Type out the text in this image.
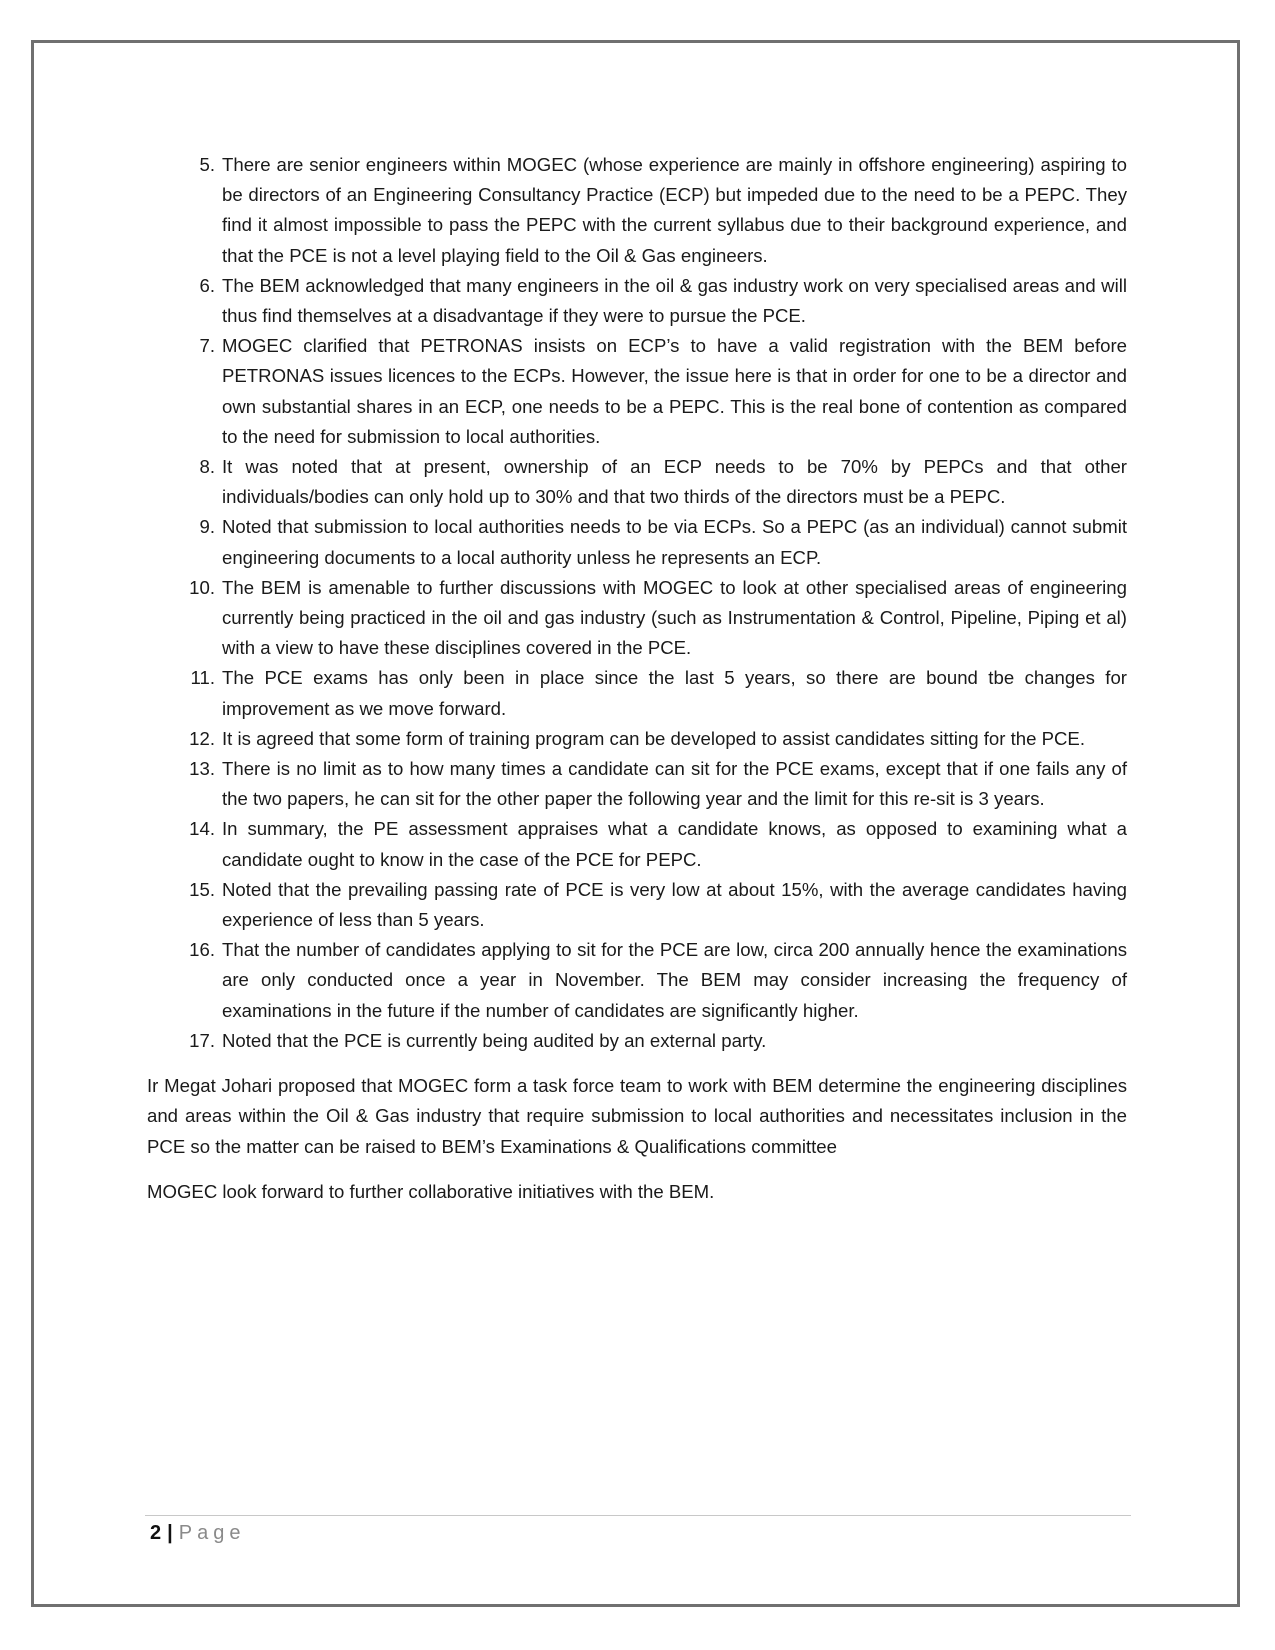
5. There are senior engineers within MOGEC (whose experience are mainly in offshore engineering) aspiring to be directors of an Engineering Consultancy Practice (ECP) but impeded due to the need to be a PEPC. They find it almost impossible to pass the PEPC with the current syllabus due to their background experience, and that the PCE is not a level playing field to the Oil & Gas engineers.
6. The BEM acknowledged that many engineers in the oil & gas industry work on very specialised areas and will thus find themselves at a disadvantage if they were to pursue the PCE.
7. MOGEC clarified that PETRONAS insists on ECP’s to have a valid registration with the BEM before PETRONAS issues licences to the ECPs. However, the issue here is that in order for one to be a director and own substantial shares in an ECP, one needs to be a PEPC. This is the real bone of contention as compared to the need for submission to local authorities.
8. It was noted that at present, ownership of an ECP needs to be 70% by PEPCs and that other individuals/bodies can only hold up to 30% and that two thirds of the directors must be a PEPC.
9. Noted that submission to local authorities needs to be via ECPs. So a PEPC (as an individual) cannot submit engineering documents to a local authority unless he represents an ECP.
10. The BEM is amenable to further discussions with MOGEC to look at other specialised areas of engineering currently being practiced in the oil and gas industry (such as Instrumentation & Control, Pipeline, Piping et al) with a view to have these disciplines covered in the PCE.
11. The PCE exams has only been in place since the last 5 years, so there are bound tbe changes for improvement as we move forward.
12. It is agreed that some form of training program can be developed to assist candidates sitting for the PCE.
13. There is no limit as to how many times a candidate can sit for the PCE exams, except that if one fails any of the two papers, he can sit for the other paper the following year and the limit for this re-sit is 3 years.
14. In summary, the PE assessment appraises what a candidate knows, as opposed to examining what a candidate ought to know in the case of the PCE for PEPC.
15. Noted that the prevailing passing rate of PCE is very low at about 15%, with the average candidates having experience of less than 5 years.
16. That the number of candidates applying to sit for the PCE are low, circa 200 annually hence the examinations are only conducted once a year in November. The BEM may consider increasing the frequency of examinations in the future if the number of candidates are significantly higher.
17. Noted that the PCE is currently being audited by an external party.

Ir Megat Johari proposed that MOGEC form a task force team to work with BEM determine the engineering disciplines and areas within the Oil & Gas industry that require submission to local authorities and necessitates inclusion in the PCE so the matter can be raised to BEM’s Examinations & Qualifications committee

MOGEC look forward to further collaborative initiatives with the BEM.

2 | Page
